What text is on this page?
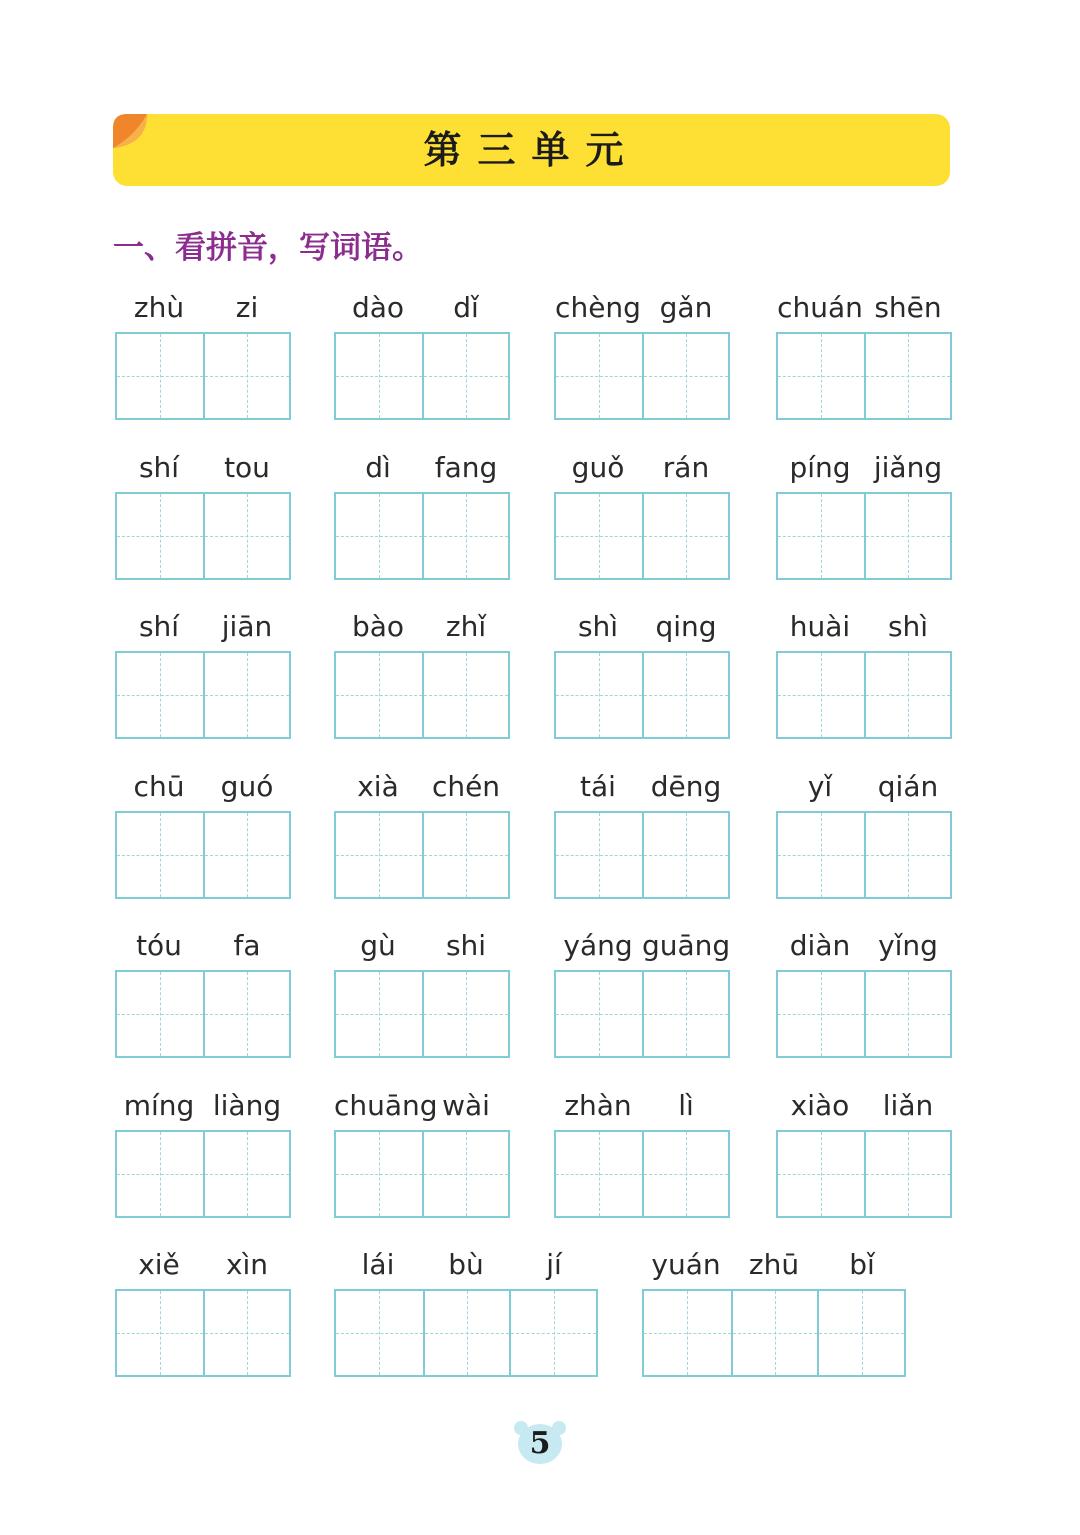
第三单元
一、看拼音，写词语。
zhù	zi	dào	dǐ	chèng gǎn	chuán shēn
shí	tou	dì	fang	guǒ	rán	píng jiǎng
shí	jiān	bào	zhǐ	shì	qing	huài	shì
chū	guó	xià	chén	tái	dēng	yǐ	qián
tóu	fa	gù	shi	yáng guāng	diàn yǐng
míng liàng	chuāng wài	zhàn	lì	xiào	liǎn
xiě	xìn	lái	bù	jí	yuán	zhū	bǐ
5
